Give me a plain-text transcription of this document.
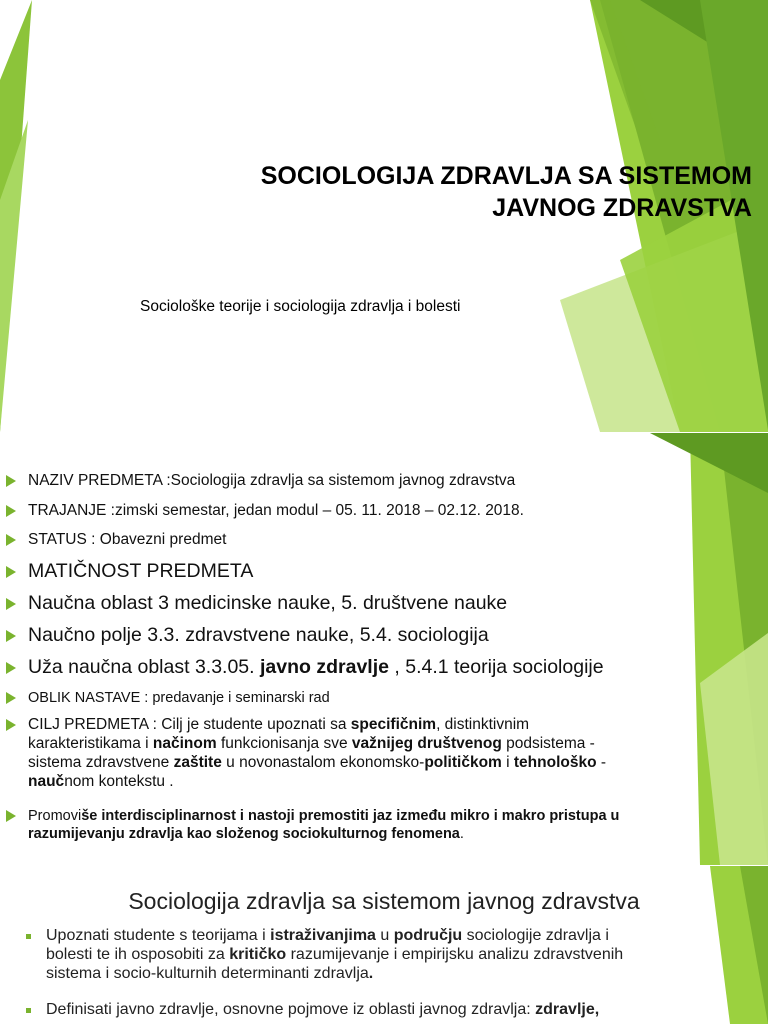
SOCIOLOGIJA ZDRAVLJA SA SISTEMOM
JAVNOG ZDRAVSTVA
Sociološke teorije i sociologija zdravlja i bolesti
NAZIV PREDMETA :Sociologija zdravlja sa sistemom javnog zdravstva
TRAJANJE :zimski semestar, jedan modul – 05. 11. 2018 – 02.12. 2018.
STATUS : Obavezni predmet
MATIČNOST PREDMETA
Naučna oblast 3 medicinske nauke, 5. društvene nauke
Naučno polje 3.3. zdravstvene nauke, 5.4. sociologija
Uža naučna oblast 3.3.05. javno zdravlje , 5.4.1 teorija sociologije
OBLIK NASTAVE : predavanje i seminarski rad
CILJ PREDMETA : Cilj je studente upoznati sa specifičnim, distinktivnim
karakteristikama i načinom funkcionisanja sve važnijeg društvenog podsistema -
sistema zdravstvene zaštite u novonastalom ekonomsko-političkom i tehnološko -
naučnom kontekstu .
Promoviše interdisciplinarnost i nastoji premostiti jaz između mikro i makro pristupa u
razumijevanju zdravlja kao složenog sociokulturnog fenomena.
Sociologija zdravlja sa sistemom javnog zdravstva
Upoznati studente s teorijama i istraživanjima u području sociologije zdravlja i
bolesti te ih osposobiti za kritičko razumijevanje i empirijsku analizu zdravstvenih
sistema i socio-kulturnih determinanti zdravlja.
Definisati javno zdravlje, osnovne pojmove iz oblasti javnog zdravlja: zdravlje,
